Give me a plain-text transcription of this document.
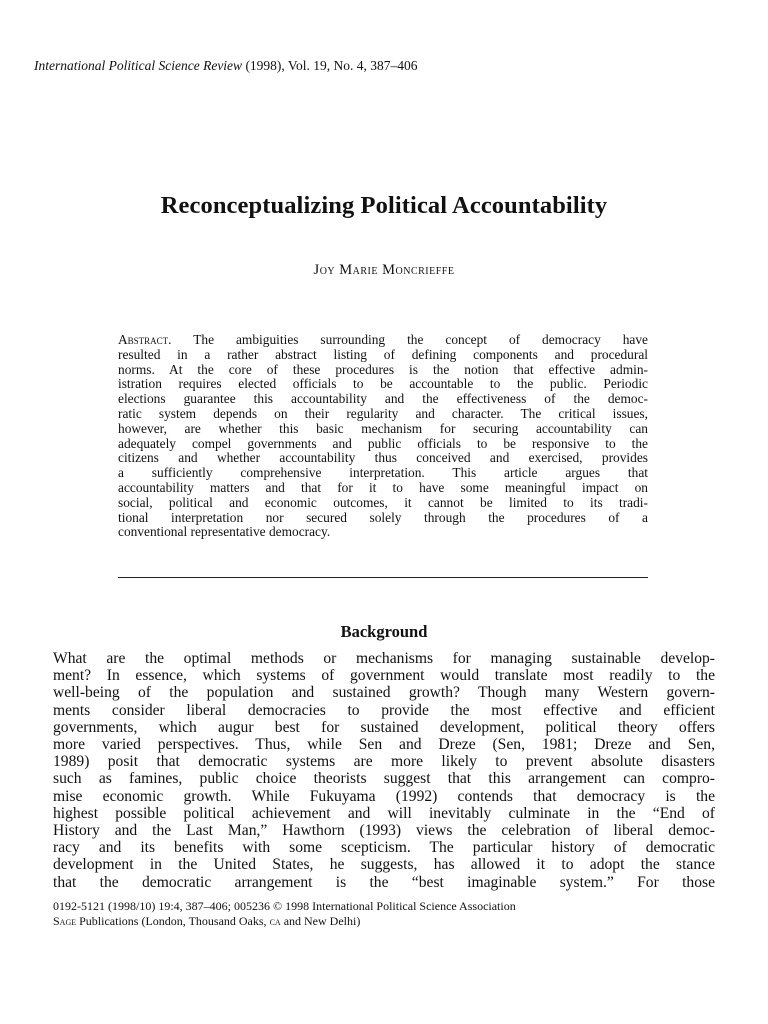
International Political Science Review (1998), Vol. 19, No. 4, 387–406
Reconceptualizing Political Accountability
Joy Marie Moncrieffe
Abstract. The ambiguities surrounding the concept of democracy have
resulted in a rather abstract listing of defining components and procedural
norms. At the core of these procedures is the notion that effective admin-
istration requires elected officials to be accountable to the public. Periodic
elections guarantee this accountability and the effectiveness of the democ-
ratic system depends on their regularity and character. The critical issues,
however, are whether this basic mechanism for securing accountability can
adequately compel governments and public officials to be responsive to the
citizens and whether accountability thus conceived and exercised, provides
a sufficiently comprehensive interpretation. This article argues that
accountability matters and that for it to have some meaningful impact on
social, political and economic outcomes, it cannot be limited to its tradi-
tional interpretation nor secured solely through the procedures of a
conventional representative democracy.
Background
What are the optimal methods or mechanisms for managing sustainable develop-
ment? In essence, which systems of government would translate most readily to the
well-being of the population and sustained growth? Though many Western govern-
ments consider liberal democracies to provide the most effective and efficient
governments, which augur best for sustained development, political theory offers
more varied perspectives. Thus, while Sen and Dreze (Sen, 1981; Dreze and Sen,
1989) posit that democratic systems are more likely to prevent absolute disasters
such as famines, public choice theorists suggest that this arrangement can compro-
mise economic growth. While Fukuyama (1992) contends that democracy is the
highest possible political achievement and will inevitably culminate in the “End of
History and the Last Man,” Hawthorn (1993) views the celebration of liberal democ-
racy and its benefits with some scepticism. The particular history of democratic
development in the United States, he suggests, has allowed it to adopt the stance
that the democratic arrangement is the “best imaginable system.” For those
0192-5121 (1998/10) 19:4, 387–406; 005236 © 1998 International Political Science Association
Sage Publications (London, Thousand Oaks, ca and New Delhi)
